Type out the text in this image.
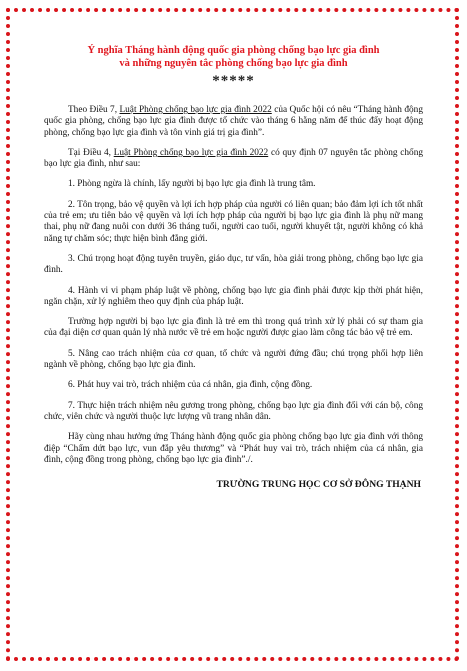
Ý nghĩa Tháng hành động quốc gia phòng chống bạo lực gia đình
và những nguyên tắc phòng chống bạo lực gia đình
*****

Theo Điều 7, Luật Phòng chống bạo lực gia đình 2022 của Quốc hội có nêu “Tháng hành động quốc gia phòng, chống bạo lực gia đình được tổ chức vào tháng 6 hằng năm để thúc đẩy hoạt động phòng, chống bạo lực gia đình và tôn vinh giá trị gia đình”.

Tại Điều 4, Luật Phòng chống bạo lực gia đình 2022 có quy định 07 nguyên tắc phòng chống bạo lực gia đình, như sau:

1. Phòng ngừa là chính, lấy người bị bạo lực gia đình là trung tâm.

2. Tôn trọng, bảo vệ quyền và lợi ích hợp pháp của người có liên quan; bảo đảm lợi ích tốt nhất của trẻ em; ưu tiên bảo vệ quyền và lợi ích hợp pháp của người bị bạo lực gia đình là phụ nữ mang thai, phụ nữ đang nuôi con dưới 36 tháng tuổi, người cao tuổi, người khuyết tật, người không có khả năng tự chăm sóc; thực hiện bình đẳng giới.

3. Chú trọng hoạt động tuyên truyền, giáo dục, tư vấn, hòa giải trong phòng, chống bạo lực gia đình.

4. Hành vi vi phạm pháp luật về phòng, chống bạo lực gia đình phải được kịp thời phát hiện, ngăn chặn, xử lý nghiêm theo quy định của pháp luật.

Trường hợp người bị bạo lực gia đình là trẻ em thì trong quá trình xử lý phải có sự tham gia của đại diện cơ quan quản lý nhà nước về trẻ em hoặc người được giao làm công tác bảo vệ trẻ em.

5. Nâng cao trách nhiệm của cơ quan, tổ chức và người đứng đầu; chú trọng phối hợp liên ngành về phòng, chống bạo lực gia đình.

6. Phát huy vai trò, trách nhiệm của cá nhân, gia đình, cộng đồng.

7. Thực hiện trách nhiệm nêu gương trong phòng, chống bạo lực gia đình đối với cán bộ, công chức, viên chức và người thuộc lực lượng vũ trang nhân dân.

Hãy cùng nhau hưởng ứng Tháng hành động quốc gia phòng chống bạo lực gia đình với thông điệp “Chấm dứt bạo lực, vun đắp yêu thương” và “Phát huy vai trò, trách nhiệm của cá nhân, gia đình, cộng đồng trong phòng, chống bạo lực gia đình”./.

TRƯỜNG TRUNG HỌC CƠ SỞ ĐÔNG THẠNH
